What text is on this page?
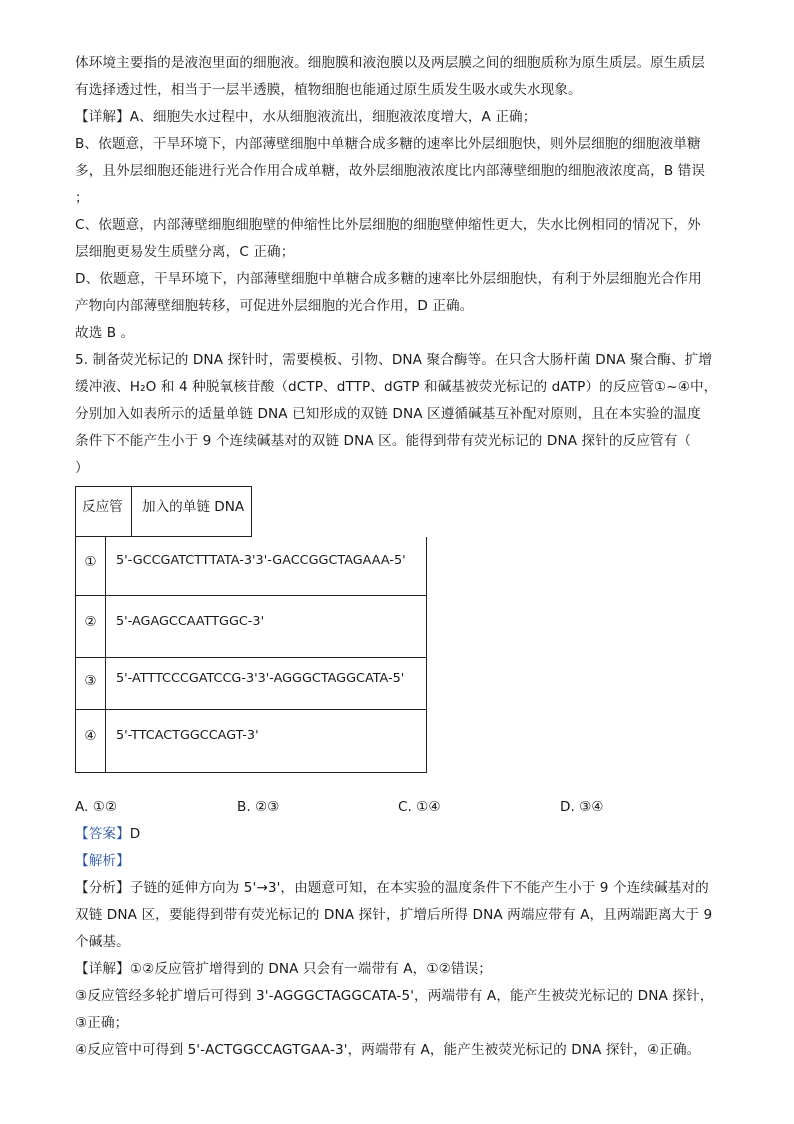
体环境主要指的是液泡里面的细胞液。细胞膜和液泡膜以及两层膜之间的细胞质称为原生质层。原生质层
有选择透过性，相当于一层半透膜，植物细胞也能通过原生质发生吸水或失水现象。
【详解】A、细胞失水过程中，水从细胞液流出，细胞液浓度增大，A 正确；
B、依题意，干旱环境下，内部薄壁细胞中单糖合成多糖的速率比外层细胞快，则外层细胞的细胞液単糖
多，且外层细胞还能进行光合作用合成单糖，故外层细胞液浓度比内部薄壁细胞的细胞液浓度高，B 错误
；
C、依题意，内部薄壁细胞细胞壁的伸缩性比外层细胞的细胞壁伸缩性更大，失水比例相同的情况下，外
层细胞更易发生质壁分离，C 正确；
D、依题意，干旱环境下，内部薄壁细胞中单糖合成多糖的速率比外层细胞快，有利于外层细胞光合作用
产物向内部薄壁细胞转移，可促进外层细胞的光合作用，D 正确。
故选 B 。
5. 制备荧光标记的 DNA 探针时，需要模板、引物、DNA 聚合酶等。在只含大肠杆菌 DNA 聚合酶、扩增
缓冲液、H₂O 和 4 种脱氧核苷酸（dCTP、dTTP、dGTP 和碱基被荧光标记的 dATP）的反应管①~④中，
分别加入如表所示的适量单链 DNA 已知形成的双链 DNA 区遵循碱基互补配对原则，且在本实验的温度
条件下不能产生小于 9 个连续碱基对的双链 DNA 区。能得到带有荧光标记的 DNA 探针的反应管有（
）
反应管	加入的单链 DNA
①	5'-GCCGATCTTTATA-3'3'-GACCGGCTAGAAA-5'
②	5'-AGAGCCAATTGGC-3'
③	5'-ATTTCCCGATCCG-3'3'-AGGGCTAGGCATA-5'
④	5'-TTCACTGGCCAGT-3'
A. ①②	B. ②③	C. ①④	D. ③④
【答案】D
【解析】
【分析】子链的延伸方向为 5'→3'，由题意可知，在本实验的温度条件下不能产生小于 9 个连续碱基对的
双链 DNA 区，要能得到带有荧光标记的 DNA 探针，扩增后所得 DNA 两端应带有 A，且两端距离大于 9
个碱基。
【详解】①②反应管扩增得到的 DNA 只会有一端带有 A，①②错误；
③反应管经多轮扩增后可得到 3'-AGGGCTAGGCATA-5'，两端带有 A，能产生被荧光标记的 DNA 探针，
③正确；
④反应管中可得到 5'-ACTGGCCAGTGAA-3'，两端带有 A，能产生被荧光标记的 DNA 探针，④正确。
